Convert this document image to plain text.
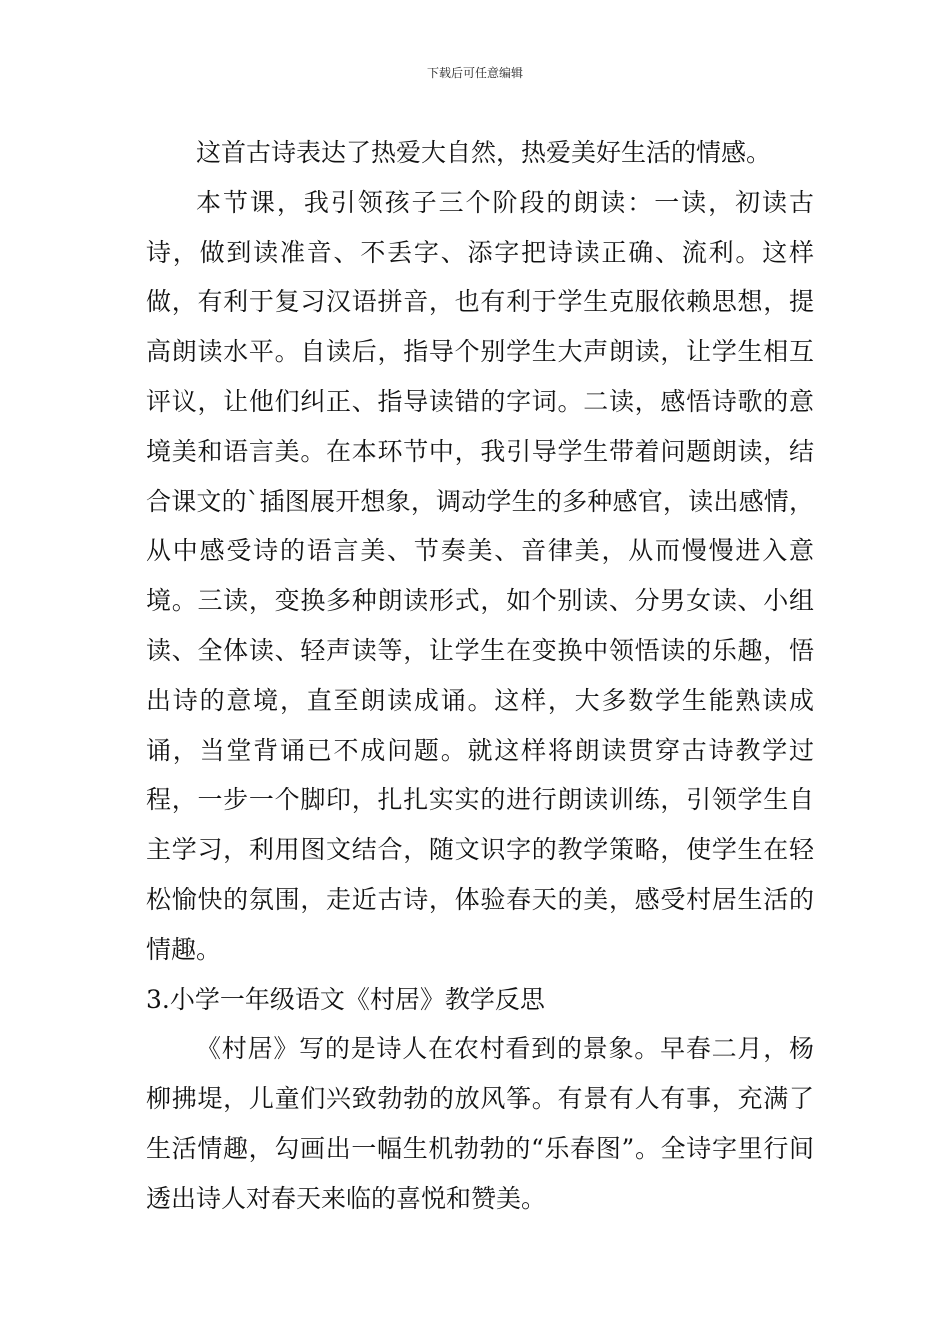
下载后可任意编辑

这首古诗表达了热爱大自然，热爱美好生活的情感。

本节课，我引领孩子三个阶段的朗读：一读，初读古诗，做到读准音、不丢字、添字把诗读正确、流利。这样做，有利于复习汉语拼音，也有利于学生克服依赖思想，提高朗读水平。自读后，指导个别学生大声朗读，让学生相互评议，让他们纠正、指导读错的字词。二读，感悟诗歌的意境美和语言美。在本环节中，我引导学生带着问题朗读，结合课文的`插图展开想象，调动学生的多种感官，读出感情，从中感受诗的语言美、节奏美、音律美，从而慢慢进入意境。三读，变换多种朗读形式，如个别读、分男女读、小组读、全体读、轻声读等，让学生在变换中领悟读的乐趣，悟出诗的意境，直至朗读成诵。这样，大多数学生能熟读成诵，当堂背诵已不成问题。就这样将朗读贯穿古诗教学过程，一步一个脚印，扎扎实实的进行朗读训练，引领学生自主学习，利用图文结合，随文识字的教学策略，使学生在轻松愉快的氛围，走近古诗，体验春天的美，感受村居生活的情趣。

3.小学一年级语文《村居》教学反思

《村居》写的是诗人在农村看到的景象。早春二月，杨柳拂堤，儿童们兴致勃勃的放风筝。有景有人有事，充满了生活情趣，勾画出一幅生机勃勃的“乐春图”。全诗字里行间透出诗人对春天来临的喜悦和赞美。
